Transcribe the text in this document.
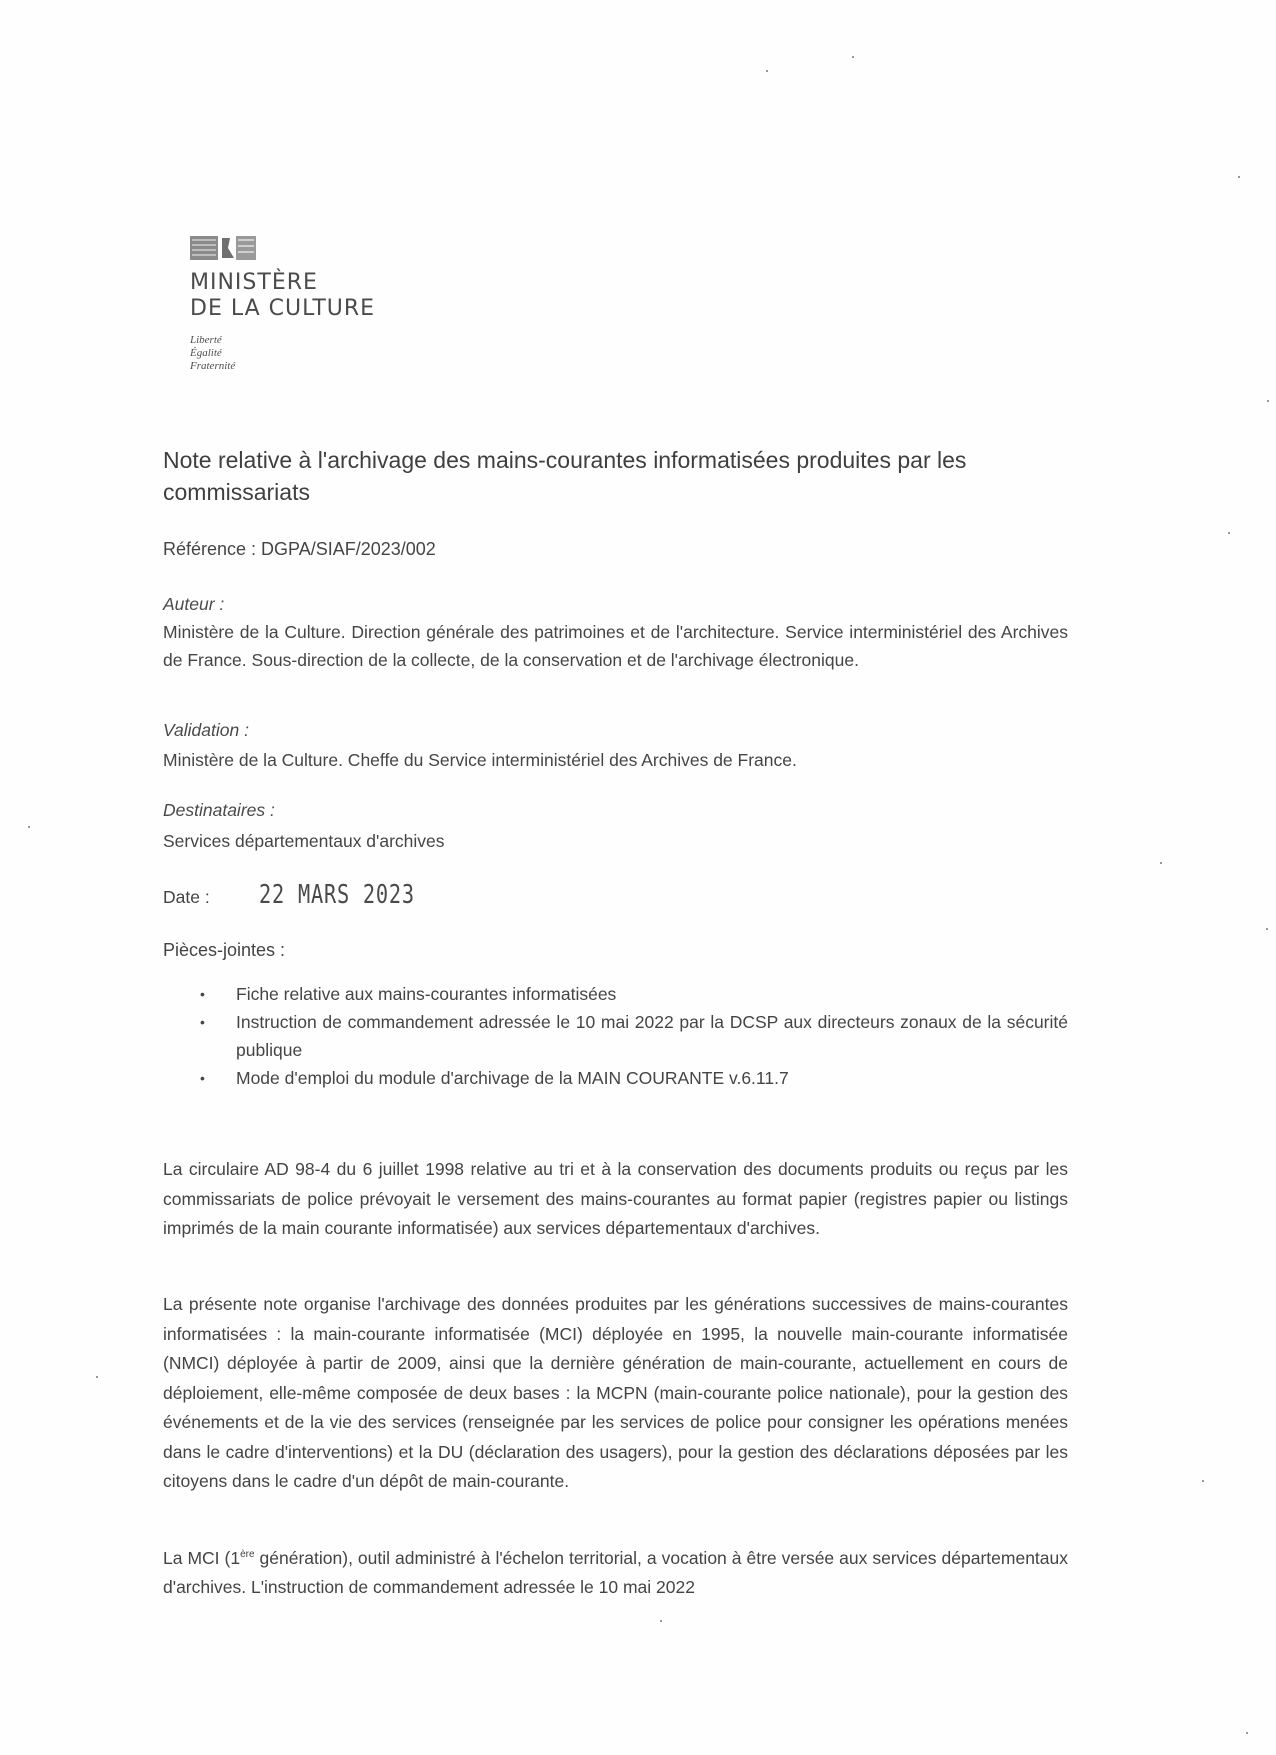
MINISTÈRE
DE LA CULTURE
Liberté
Égalité
Fraternité
Note relative à l'archivage des mains-courantes informatisées produites par les commissariats
Référence : DGPA/SIAF/2023/002
Auteur :
Ministère de la Culture. Direction générale des patrimoines et de l'architecture. Service interministériel des Archives de France. Sous-direction de la collecte, de la conservation et de l'archivage électronique.
Validation :
Ministère de la Culture. Cheffe du Service interministériel des Archives de France.
Destinataires :
Services départementaux d'archives
Date :	22 MARS 2023
Pièces-jointes :
• Fiche relative aux mains-courantes informatisées
• Instruction de commandement adressée le 10 mai 2022 par la DCSP aux directeurs zonaux de la sécurité publique
• Mode d'emploi du module d'archivage de la MAIN COURANTE v.6.11.7
La circulaire AD 98-4 du 6 juillet 1998 relative au tri et à la conservation des documents produits ou reçus par les commissariats de police prévoyait le versement des mains-courantes au format papier (registres papier ou listings imprimés de la main courante informatisée) aux services départementaux d'archives.
La présente note organise l'archivage des données produites par les générations successives de mains-courantes informatisées : la main-courante informatisée (MCI) déployée en 1995, la nouvelle main-courante informatisée (NMCI) déployée à partir de 2009, ainsi que la dernière génération de main-courante, actuellement en cours de déploiement, elle-même composée de deux bases : la MCPN (main-courante police nationale), pour la gestion des événements et de la vie des services (renseignée par les services de police pour consigner les opérations menées dans le cadre d'interventions) et la DU (déclaration des usagers), pour la gestion des déclarations déposées par les citoyens dans le cadre d'un dépôt de main-courante.
La MCI (1ère génération), outil administré à l'échelon territorial, a vocation à être versée aux services départementaux d'archives. L'instruction de commandement adressée le 10 mai 2022
